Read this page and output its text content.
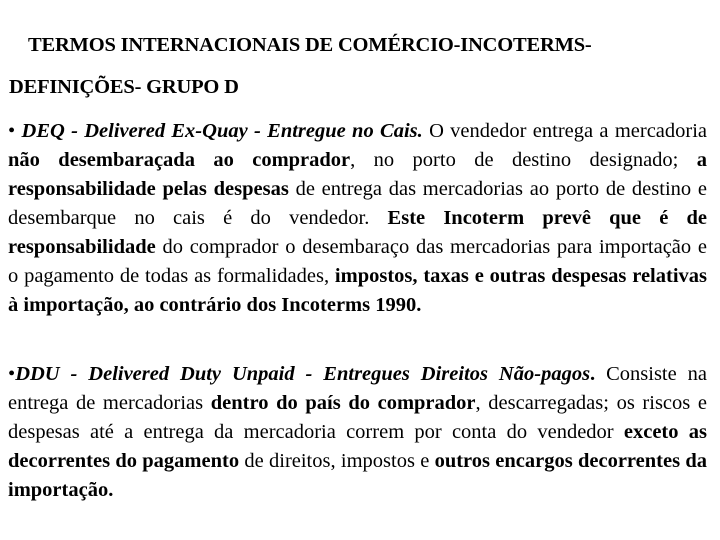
TERMOS INTERNACIONAIS DE COMÉRCIO-INCOTERMS-
DEFINIÇÕES- GRUPO D

• DEQ - Delivered Ex-Quay - Entregue no Cais. O vendedor entrega a mercadoria não desembaraçada ao comprador, no porto de destino designado; a responsabilidade pelas despesas de entrega das mercadorias ao porto de destino e desembarque no cais é do vendedor. Este Incoterm prevê que é de responsabilidade do comprador o desembaraço das mercadorias para importação e o pagamento de todas as formalidades, impostos, taxas e outras despesas relativas à importação, ao contrário dos Incoterms 1990.

•DDU - Delivered Duty Unpaid - Entregues Direitos Não-pagos. Consiste na entrega de mercadorias dentro do país do comprador, descarregadas; os riscos e despesas até a entrega da mercadoria correm por conta do vendedor exceto as decorrentes do pagamento de direitos, impostos e outros encargos decorrentes da importação.
